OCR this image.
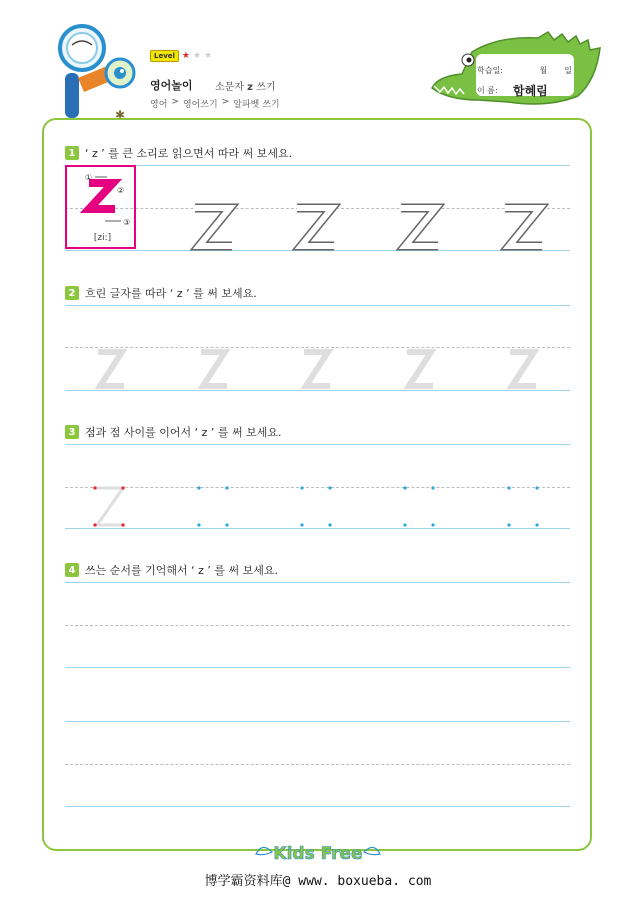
Level ★ ★ ★
영어놀이 소문자 z 쓰기
영어 > 영어쓰기 > 알파벳 쓰기
✱
학습일:	월 일
이 름:	함혜림
1 ‘ z ’ 를 큰 소리로 읽으면서 따라 써 보세요.
①
②
③
[zi:]
2 흐린 글자를 따라 ‘ z ’ 를 써 보세요.
3 점과 점 사이를 이어서 ‘ z ’ 를 써 보세요.
4 쓰는 순서를 기억해서 ‘ z ’ 를 써 보세요.
Kids Free
博学霸资料库@ www. boxueba. com
